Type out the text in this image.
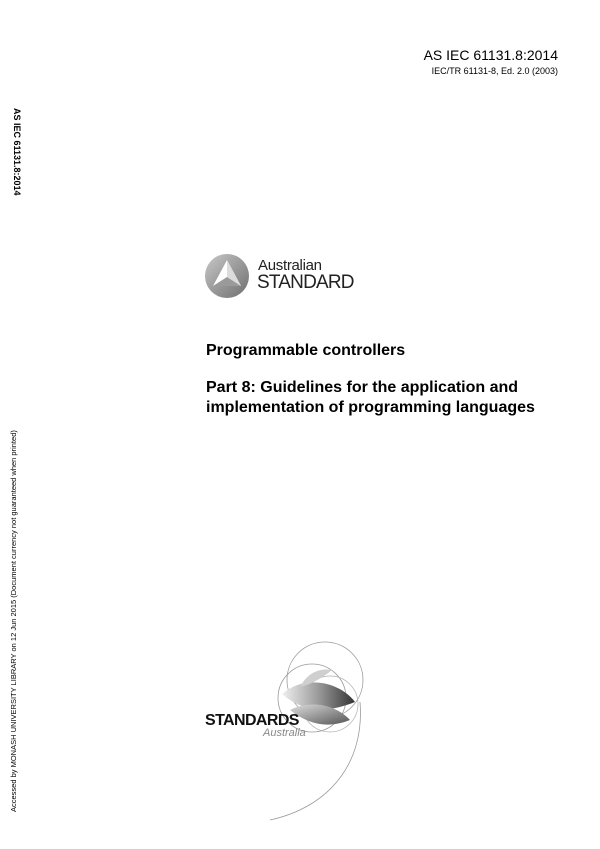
AS IEC 61131.8:2014
IEC/TR 61131-8, Ed. 2.0 (2003)
AS IEC 61131.8:2014
Accessed by MONASH UNIVERSITY LIBRARY on 12 Jun 2015 (Document currency not guaranteed when printed)
Australian
STANDARD
Programmable controllers
Part 8: Guidelines for the application and implementation of programming languages
STANDARDS
Australia
